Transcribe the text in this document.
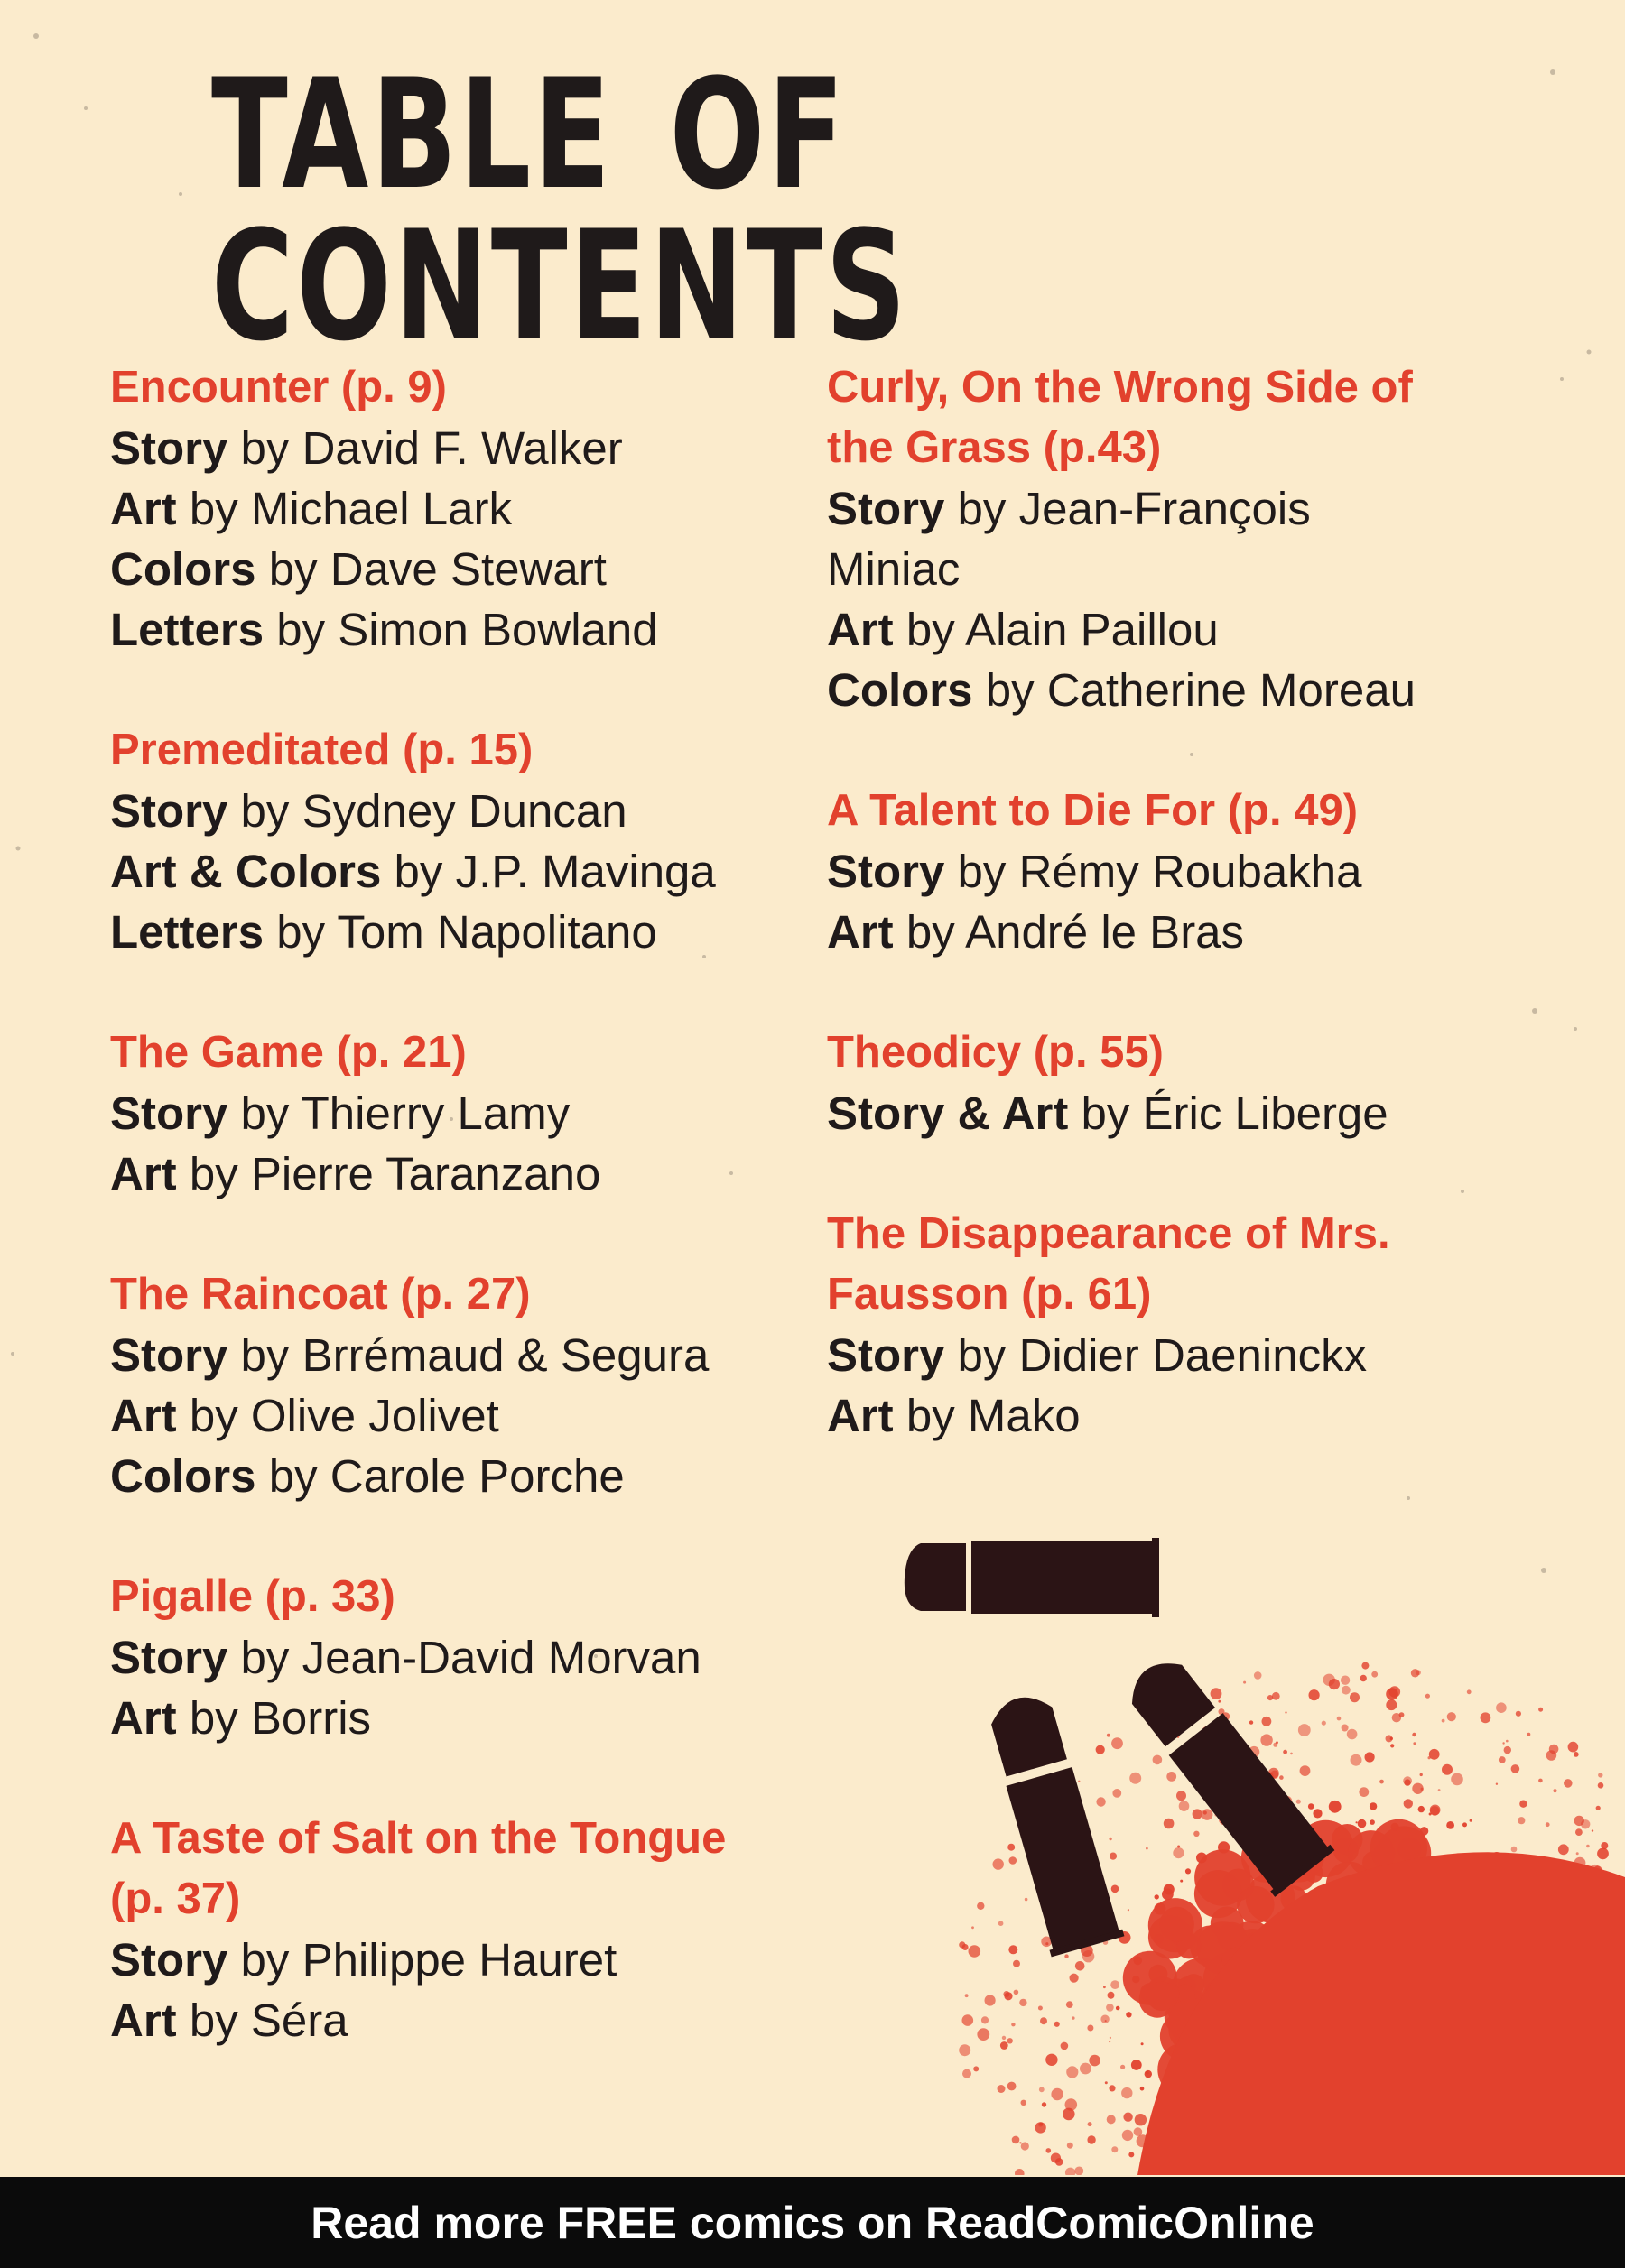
TABLE OF CONTENTS
Encounter (p. 9)
Story by David F. Walker
Art by Michael Lark
Colors by Dave Stewart
Letters by Simon Bowland
Premeditated (p. 15)
Story by Sydney Duncan
Art & Colors by J.P. Mavinga
Letters by Tom Napolitano
The Game (p. 21)
Story by Thierry Lamy
Art by Pierre Taranzano
The Raincoat (p. 27)
Story by Brrémaud & Segura
Art by Olive Jolivet
Colors by Carole Porche
Pigalle (p. 33)
Story by Jean-David Morvan
Art by Borris
A Taste of Salt on the Tongue
(p. 37)
Story by Philippe Hauret
Art by Séra
Curly, On the Wrong Side of
the Grass (p.43)
Story by Jean-François
Miniac
Art by Alain Paillou
Colors by Catherine Moreau
A Talent to Die For (p. 49)
Story by Rémy Roubakha
Art by André le Bras
Theodicy (p. 55)
Story & Art by Éric Liberge
The Disappearance of Mrs.
Fausson (p. 61)
Story by Didier Daeninckx
Art by Mako
Read more FREE comics on ReadComicOnline
